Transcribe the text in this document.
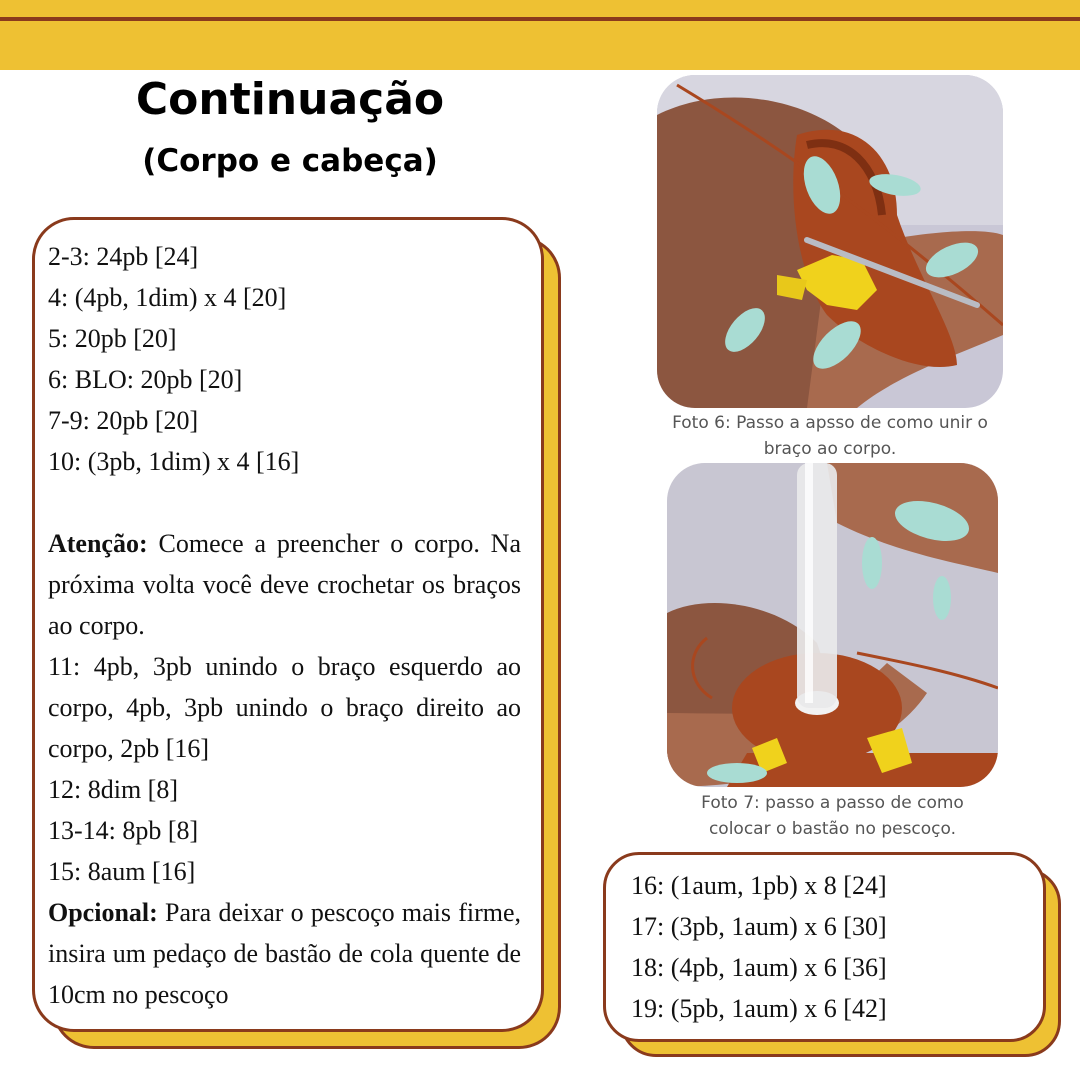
Continuação
(Corpo e cabeça)
2-3: 24pb [24]
4: (4pb, 1dim) x 4 [20]
5: 20pb [20]
6: BLO: 20pb [20]
7-9: 20pb [20]
10: (3pb, 1dim) x 4 [16]

Atenção: Comece a preencher o corpo. Na próxima volta você deve crochetar os braços ao corpo.

11: 4pb, 3pb unindo o braço esquerdo ao corpo, 4pb, 3pb unindo o braço direito ao corpo, 2pb [16]

12: 8dim [8]
13-14: 8pb [8]
15: 8aum [16]

Opcional: Para deixar o pescoço mais firme, insira um pedaço de bastão de cola quente de 10cm no pescoço

Foto 6: Passo a apsso de como unir o braço ao corpo.
Foto 7: passo a passo de como colocar o bastão no pescoço.
16: (1aum, 1pb) x 8 [24]
17: (3pb, 1aum) x 6 [30]
18: (4pb, 1aum) x 6 [36]
19: (5pb, 1aum) x 6 [42]
